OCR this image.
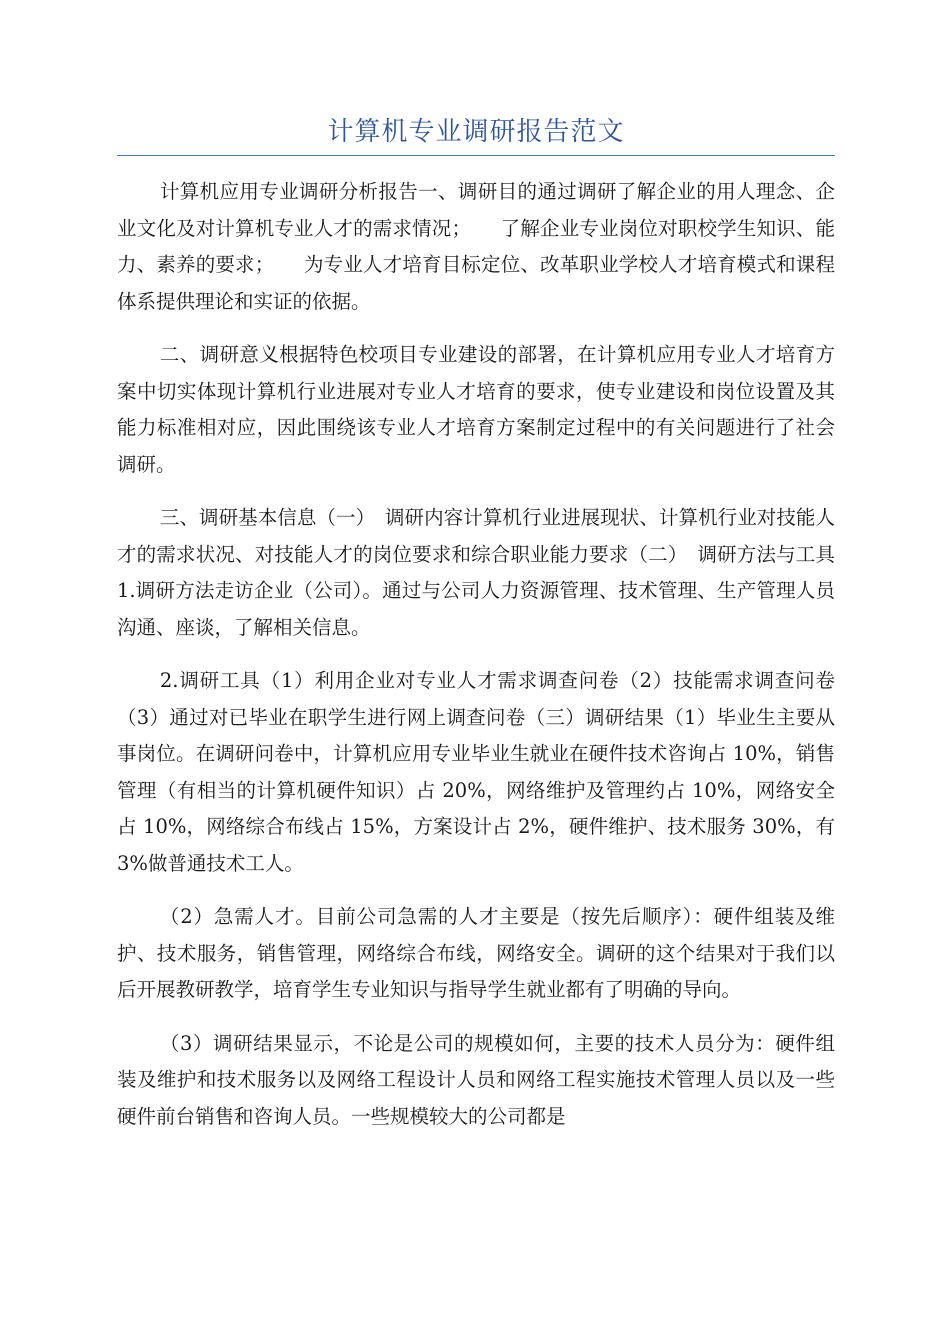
计算机专业调研报告范文

计算机应用专业调研分析报告一、调研目的通过调研了解企业的用人理念、企业文化及对计算机专业人才的需求情况；　　了解企业专业岗位对职校学生知识、能力、素养的要求；　　为专业人才培育目标定位、改革职业学校人才培育模式和课程体系提供理论和实证的依据。

二、调研意义根据特色校项目专业建设的部署，在计算机应用专业人才培育方案中切实体现计算机行业进展对专业人才培育的要求，使专业建设和岗位设置及其能力标准相对应，因此围绕该专业人才培育方案制定过程中的有关问题进行了社会调研。

三、调研基本信息（一）　调研内容计算机行业进展现状、计算机行业对技能人才的需求状况、对技能人才的岗位要求和综合职业能力要求（二）　调研方法与工具 1.调研方法走访企业（公司）。通过与公司人力资源管理、技术管理、生产管理人员沟通、座谈，了解相关信息。

2.调研工具（1）利用企业对专业人才需求调查问卷（2）技能需求调查问卷（3）通过对已毕业在职学生进行网上调查问卷（三）调研结果（1）毕业生主要从事岗位。在调研问卷中，计算机应用专业毕业生就业在硬件技术咨询占 10%，销售管理（有相当的计算机硬件知识）占 20%，网络维护及管理约占 10%，网络安全占 10%，网络综合布线占 15%，方案设计占 2%，硬件维护、技术服务 30%，有 3%做普通技术工人。

（2）急需人才。目前公司急需的人才主要是（按先后顺序）：硬件组装及维护、技术服务，销售管理，网络综合布线，网络安全。调研的这个结果对于我们以后开展教研教学，培育学生专业知识与指导学生就业都有了明确的导向。

（3）调研结果显示，不论是公司的规模如何，主要的技术人员分为：硬件组装及维护和技术服务以及网络工程设计人员和网络工程实施技术管理人员以及一些硬件前台销售和咨询人员。一些规模较大的公司都是
